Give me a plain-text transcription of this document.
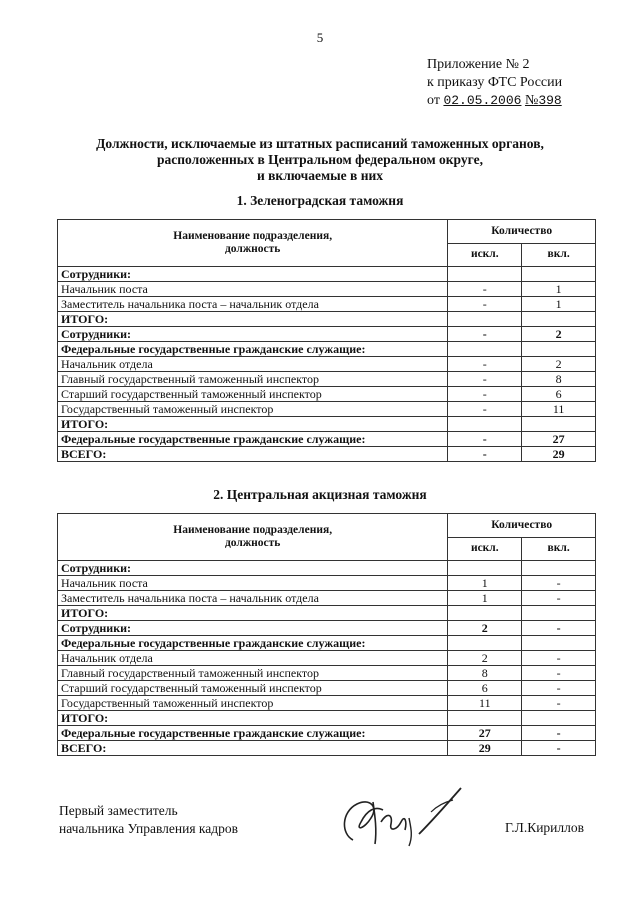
5
Приложение № 2
к приказу ФТС России
от 02.05.2006 №398
Должности, исключаемые из штатных расписаний таможенных органов,
расположенных в Центральном федеральном округе,
и включаемые в них
1. Зеленоградская таможня
Наименование подразделения,
должность	Количество	
	искл.	вкл.
Сотрудники:		
Начальник поста	-	1
Заместитель начальника поста – начальник отдела	-	1
ИТОГО:		
Сотрудники:	-	2
Федеральные государственные гражданские служащие:		
Начальник отдела	-	2
Главный государственный таможенный инспектор	-	8
Старший государственный таможенный инспектор	-	6
Государственный таможенный инспектор	-	11
ИТОГО:		
Федеральные государственные гражданские служащие:	-	27
ВСЕГО:	-	29
2. Центральная акцизная таможня
Наименование подразделения,
должность	Количество	
	искл.	вкл.
Сотрудники:		
Начальник поста	1	-
Заместитель начальника поста – начальник отдела	1	-
ИТОГО:		
Сотрудники:	2	-
Федеральные государственные гражданские служащие:		
Начальник отдела	2	-
Главный государственный таможенный инспектор	8	-
Старший государственный таможенный инспектор	6	-
Государственный таможенный инспектор	11	-
ИТОГО:		
Федеральные государственные гражданские служащие:	27	-
ВСЕГО:	29	-
Первый заместитель
начальника Управления кадров	Г.Л.Кириллов
